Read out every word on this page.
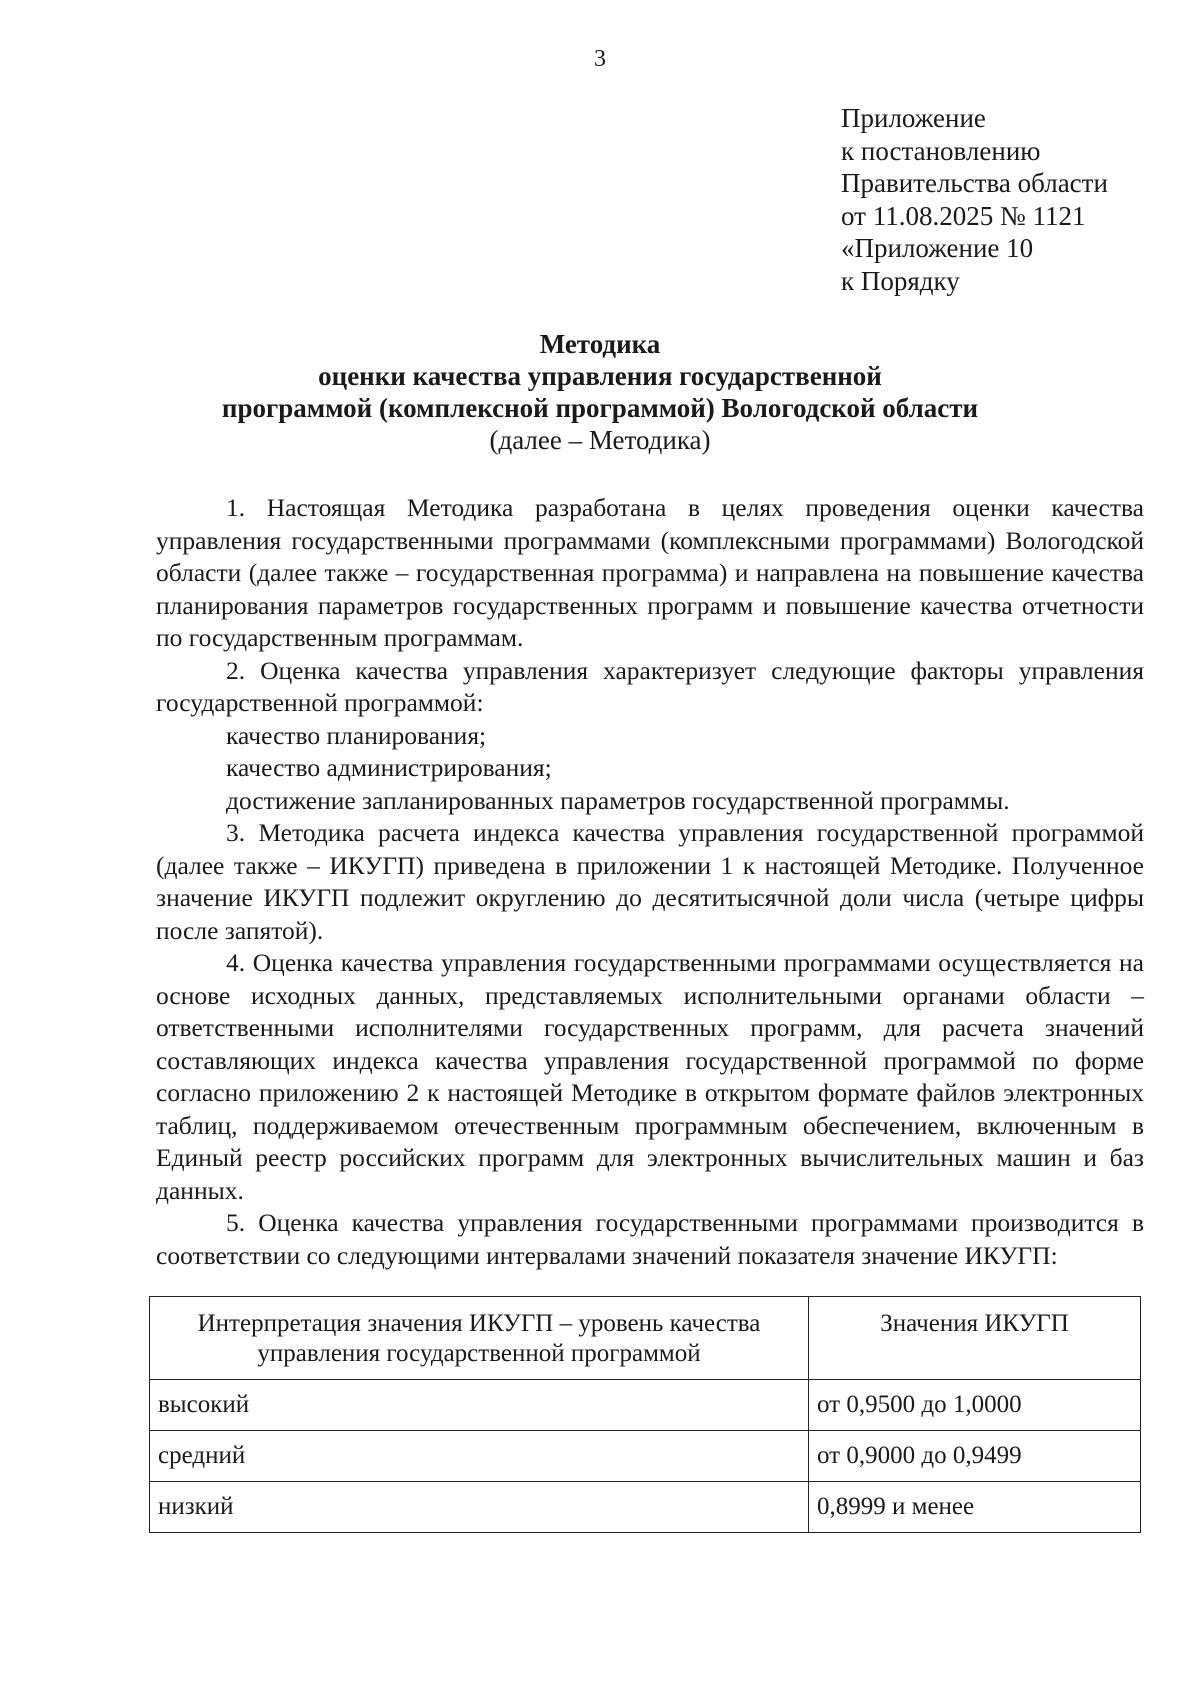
3
Приложение
к постановлению
Правительства области
от 11.08.2025 № 1121
«Приложение 10
к Порядку
Методика
оценки качества управления государственной
программой (комплексной программой) Вологодской области
(далее – Методика)

1. Настоящая Методика разработана в целях проведения оценки качества управления государственными программами (комплексными программами) Вологодской области (далее также – государственная программа) и направлена на повышение качества планирования параметров государственных программ и повышение качества отчетности по государственным программам.

2. Оценка качества управления характеризует следующие факторы управления государственной программой:

качество планирования;

качество администрирования;

достижение запланированных параметров государственной программы.

3. Методика расчета индекса качества управления государственной программой (далее также – ИКУГП) приведена в приложении 1 к настоящей Методике. Полученное значение ИКУГП подлежит округлению до десятитысячной доли числа (четыре цифры после запятой).

4. Оценка качества управления государственными программами осуществляется на основе исходных данных, представляемых исполнительными органами области – ответственными исполнителями государственных программ, для расчета значений составляющих индекса качества управления государственной программой по форме согласно приложению 2 к настоящей Методике в открытом формате файлов электронных таблиц, поддерживаемом отечественным программным обеспечением, включенным в Единый реестр российских программ для электронных вычислительных машин и баз данных.

5. Оценка качества управления государственными программами производится в соответствии со следующими интервалами значений показателя значение ИКУГП:

Интерпретация значения ИКУГП – уровень качества управления государственной программой	Значения ИКУГП
высокий	от 0,9500 до 1,0000
средний	от 0,9000 до 0,9499
низкий	0,8999 и менее
